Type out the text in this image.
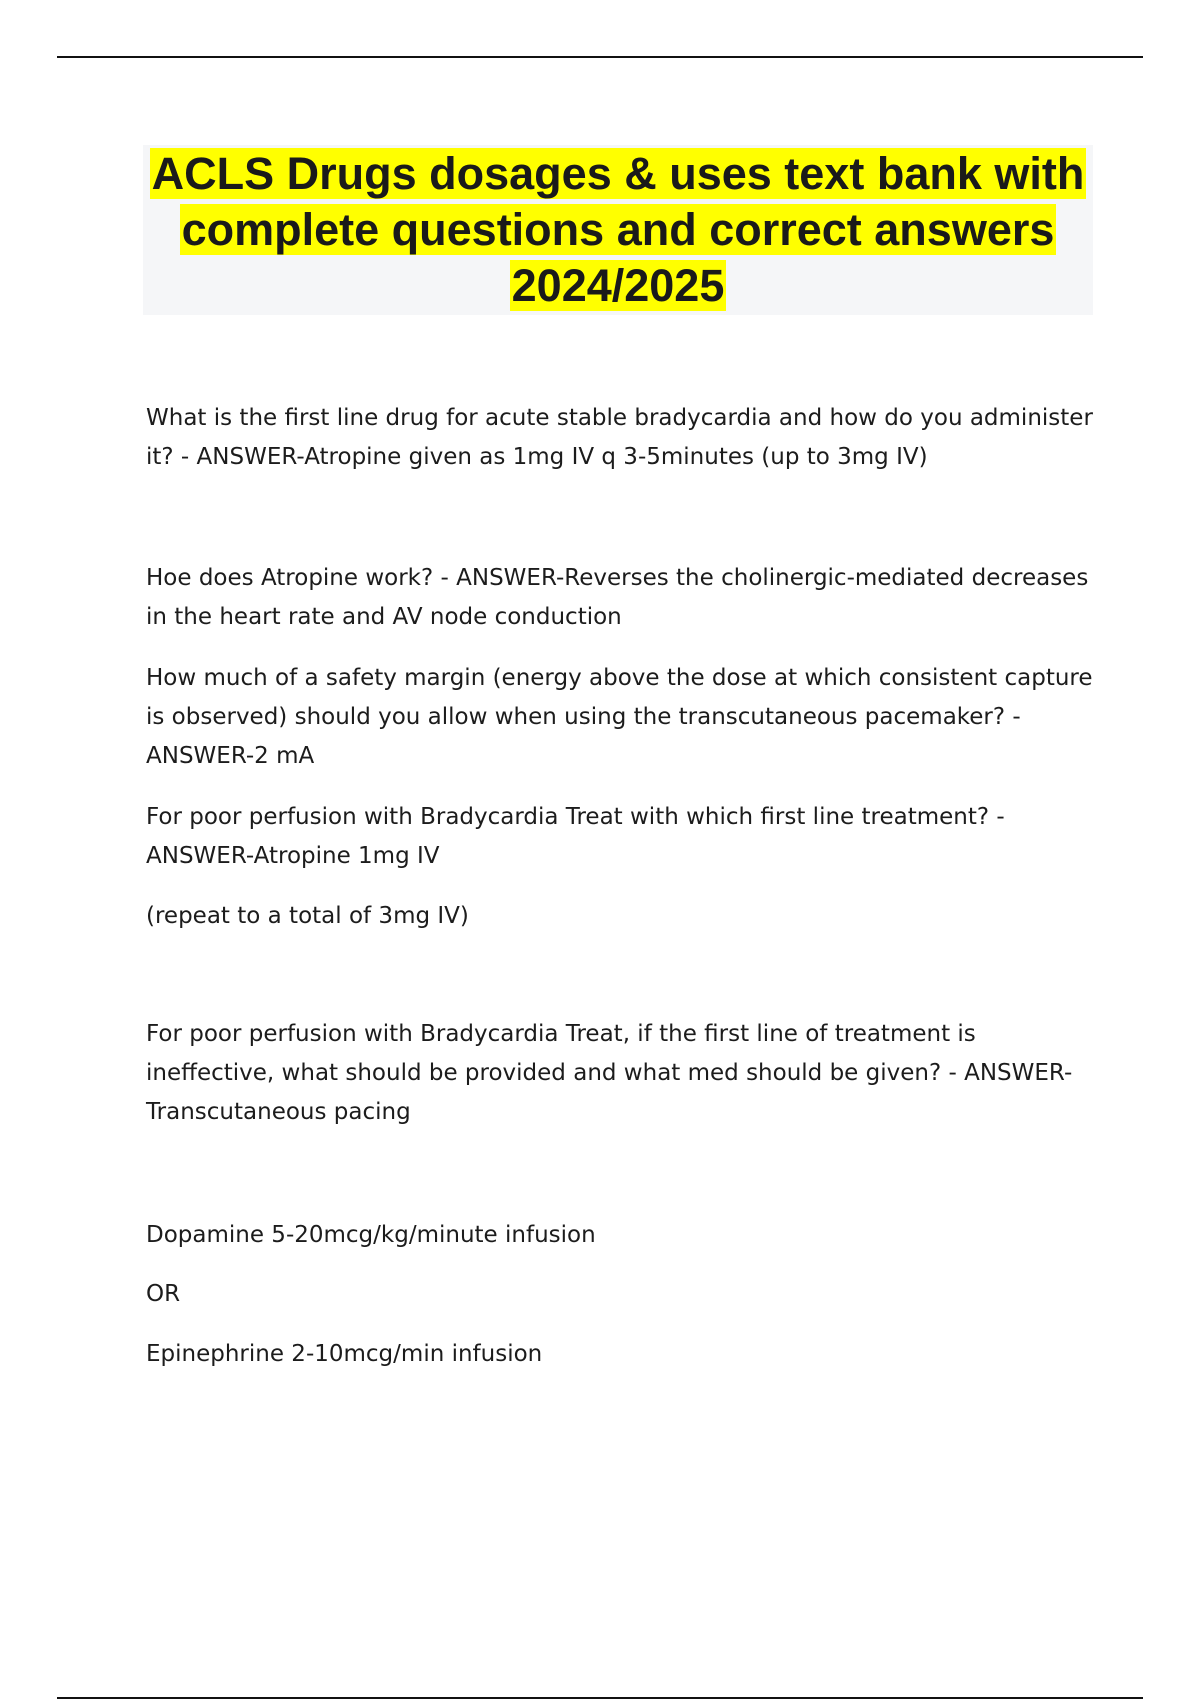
ACLS Drugs dosages & uses text bank with complete questions and correct answers 2024/2025

What is the first line drug for acute stable bradycardia and how do you administer it? - ANSWER-Atropine given as 1mg IV q 3-5minutes (up to 3mg IV)

Hoe does Atropine work? - ANSWER-Reverses the cholinergic-mediated decreases in the heart rate and AV node conduction

How much of a safety margin (energy above the dose at which consistent capture is observed) should you allow when using the transcutaneous pacemaker? - ANSWER-2 mA

For poor perfusion with Bradycardia Treat with which first line treatment? - ANSWER-Atropine 1mg IV

(repeat to a total of 3mg IV)

For poor perfusion with Bradycardia Treat, if the first line of treatment is ineffective, what should be provided and what med should be given? - ANSWER-Transcutaneous pacing

Dopamine 5-20mcg/kg/minute infusion

OR

Epinephrine 2-10mcg/min infusion
